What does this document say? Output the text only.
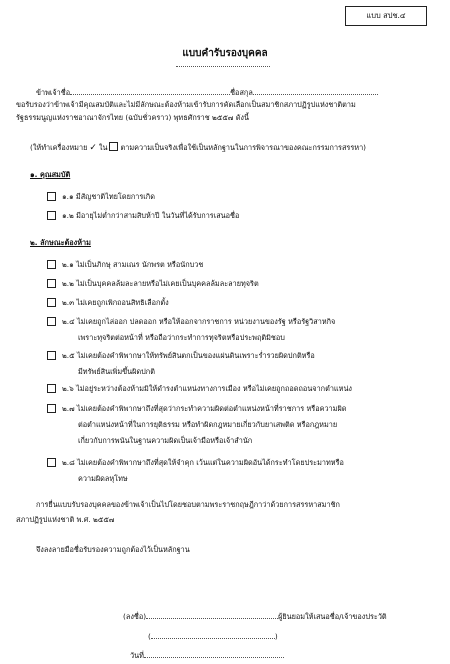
แบบ สปช.๔
แบบคำรับรองบุคคล
ข้าพเจ้าชื่อ	ชื่อสกุล
ขอรับรองว่าข้าพเจ้ามีคุณสมบัติและไม่มีลักษณะต้องห้ามเข้ารับการคัดเลือกเป็นสมาชิกสภาปฏิรูปแห่งชาติตาม
รัฐธรรมนูญแห่งราชอาณาจักรไทย (ฉบับชั่วคราว) พุทธศักราช ๒๕๕๗ ดังนี้
(ให้ทำเครื่องหมาย ✓ ใน ตามความเป็นจริงเพื่อใช้เป็นหลักฐานในการพิจารณาของคณะกรรมการสรรหา)
๑. คุณสมบัติ
๑.๑ มีสัญชาติไทยโดยการเกิด
๑.๒ มีอายุไม่ต่ำกว่าสามสิบห้าปี ในวันที่ได้รับการเสนอชื่อ
๒. ลักษณะต้องห้าม
๒.๑ ไม่เป็นภิกษุ สามเณร นักพรต หรือนักบวช
๒.๒ ไม่เป็นบุคคลล้มละลายหรือไม่เคยเป็นบุคคลล้มละลายทุจริต
๒.๓ ไม่เคยถูกเพิกถอนสิทธิเลือกตั้ง
๒.๔ ไม่เคยถูกไล่ออก ปลดออก หรือให้ออกจากราชการ หน่วยงานของรัฐ หรือรัฐวิสาหกิจ
เพราะทุจริตต่อหน้าที่ หรือถือว่ากระทำการทุจริตหรือประพฤติมิชอบ
๒.๕ ไม่เคยต้องคำพิพากษาให้ทรัพย์สินตกเป็นของแผ่นดินเพราะร่ำรวยผิดปกติหรือ
มีทรัพย์สินเพิ่มขึ้นผิดปกติ
๒.๖ ไม่อยู่ระหว่างต้องห้ามมิให้ดำรงตำแหน่งทางการเมือง หรือไม่เคยถูกถอดถอนจากตำแหน่ง
๒.๗ ไม่เคยต้องคำพิพากษาถึงที่สุดว่ากระทำความผิดต่อตำแหน่งหน้าที่ราชการ หรือความผิด
ต่อตำแหน่งหน้าที่ในการยุติธรรม หรือทำผิดกฎหมายเกี่ยวกับยาเสพติด หรือกฎหมาย
เกี่ยวกับการพนันในฐานความผิดเป็นเจ้ามือหรือเจ้าสำนัก
๒.๘ ไม่เคยต้องคำพิพากษาถึงที่สุดให้จำคุก เว้นแต่ในความผิดอันได้กระทำโดยประมาทหรือ
ความผิดลหุโทษ
การยื่นแบบรับรองบุคคลของข้าพเจ้าเป็นไปโดยชอบตามพระราชกฤษฎีกาว่าด้วยการสรรหาสมาชิก
สภาปฏิรูปแห่งชาติ พ.ศ. ๒๕๕๗
จึงลงลายมือชื่อรับรองความถูกต้องไว้เป็นหลักฐาน
(ลงชื่อ)	ผู้ยินยอมให้เสนอชื่อ/เจ้าของประวัติ
(	)
วันที่
